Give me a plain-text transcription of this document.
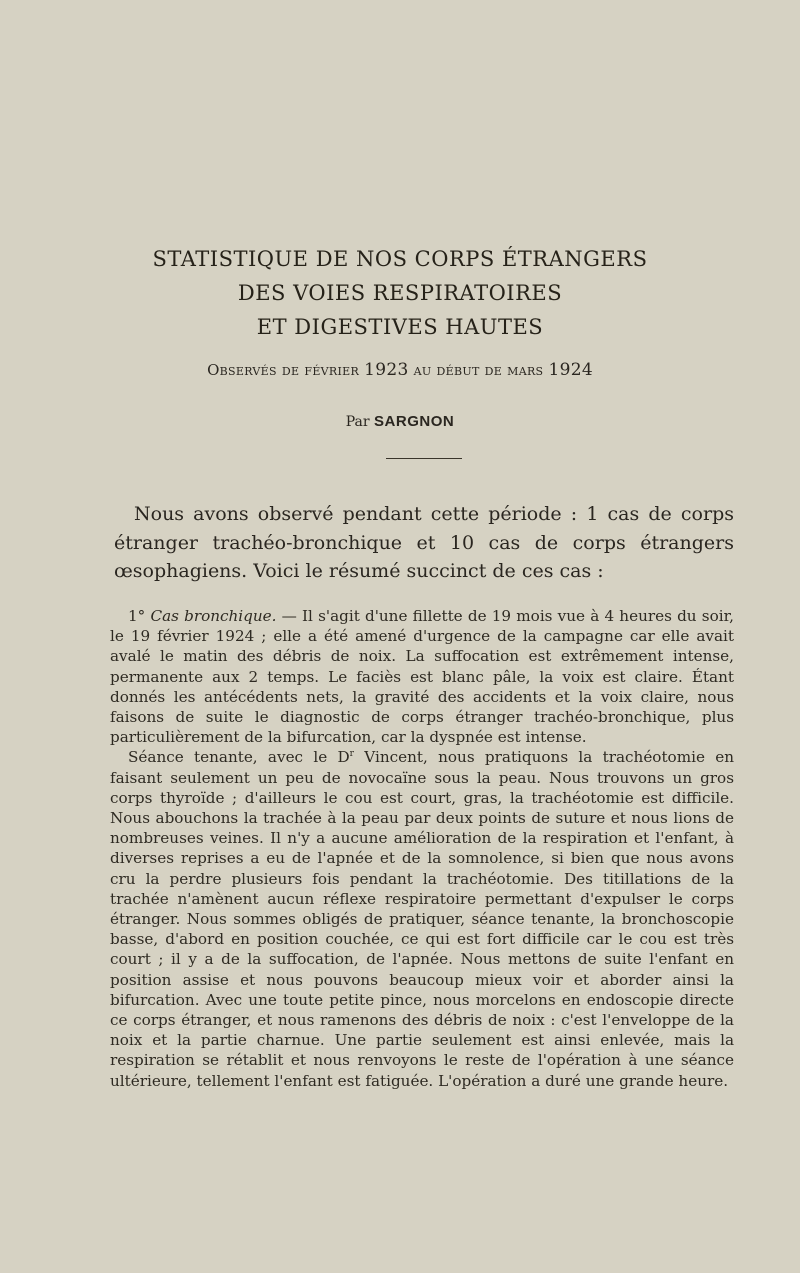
STATISTIQUE DE NOS CORPS ÉTRANGERS
DES VOIES RESPIRATOIRES
ET DIGESTIVES HAUTES
Observés de février 1923 au début de mars 1924
Par SARGNON

Nous avons observé pendant cette période : 1 cas de corps étranger trachéo-bronchique et 10 cas de corps étrangers œsophagiens. Voici le résumé succinct de ces cas :

1° Cas bronchique. — Il s'agit d'une fillette de 19 mois vue à 4 heures du soir, le 19 février 1924 ; elle a été amené d'urgence de la campagne car elle avait avalé le matin des débris de noix. La suffocation est extrêmement intense, permanente aux 2 temps. Le faciès est blanc pâle, la voix est claire. Étant donnés les antécédents nets, la gravité des accidents et la voix claire, nous faisons de suite le diagnostic de corps étranger trachéo-bronchique, plus particulièrement de la bifurcation, car la dyspnée est intense.

Séance tenante, avec le $D^r$ Vincent, nous pratiquons la trachéotomie en faisant seulement un peu de novocaïne sous la peau. Nous trouvons un gros corps thyroïde ; d'ailleurs le cou est court, gras, la trachéotomie est difficile. Nous abouchons la trachée à la peau par deux points de suture et nous lions de nombreuses veines. Il n'y a aucune amélioration de la respiration et l'enfant, à diverses reprises a eu de l'apnée et de la somnolence, si bien que nous avons cru la perdre plusieurs fois pendant la trachéotomie. Des titillations de la trachée n'amènent aucun réflexe respiratoire permettant d'expulser le corps étranger. Nous sommes obligés de pratiquer, séance tenante, la bronchoscopie basse, d'abord en position couchée, ce qui est fort difficile car le cou est très court ; il y a de la suffocation, de l'apnée. Nous mettons de suite l'enfant en position assise et nous pouvons beaucoup mieux voir et aborder ainsi la bifurcation. Avec une toute petite pince, nous morcelons en endoscopie directe ce corps étranger, et nous ramenons des débris de noix : c'est l'enveloppe de la noix et la partie charnue. Une partie seulement est ainsi enlevée, mais la respiration se rétablit et nous renvoyons le reste de l'opération à une séance ultérieure, tellement l'enfant est fatiguée. L'opération a duré une grande heure.
